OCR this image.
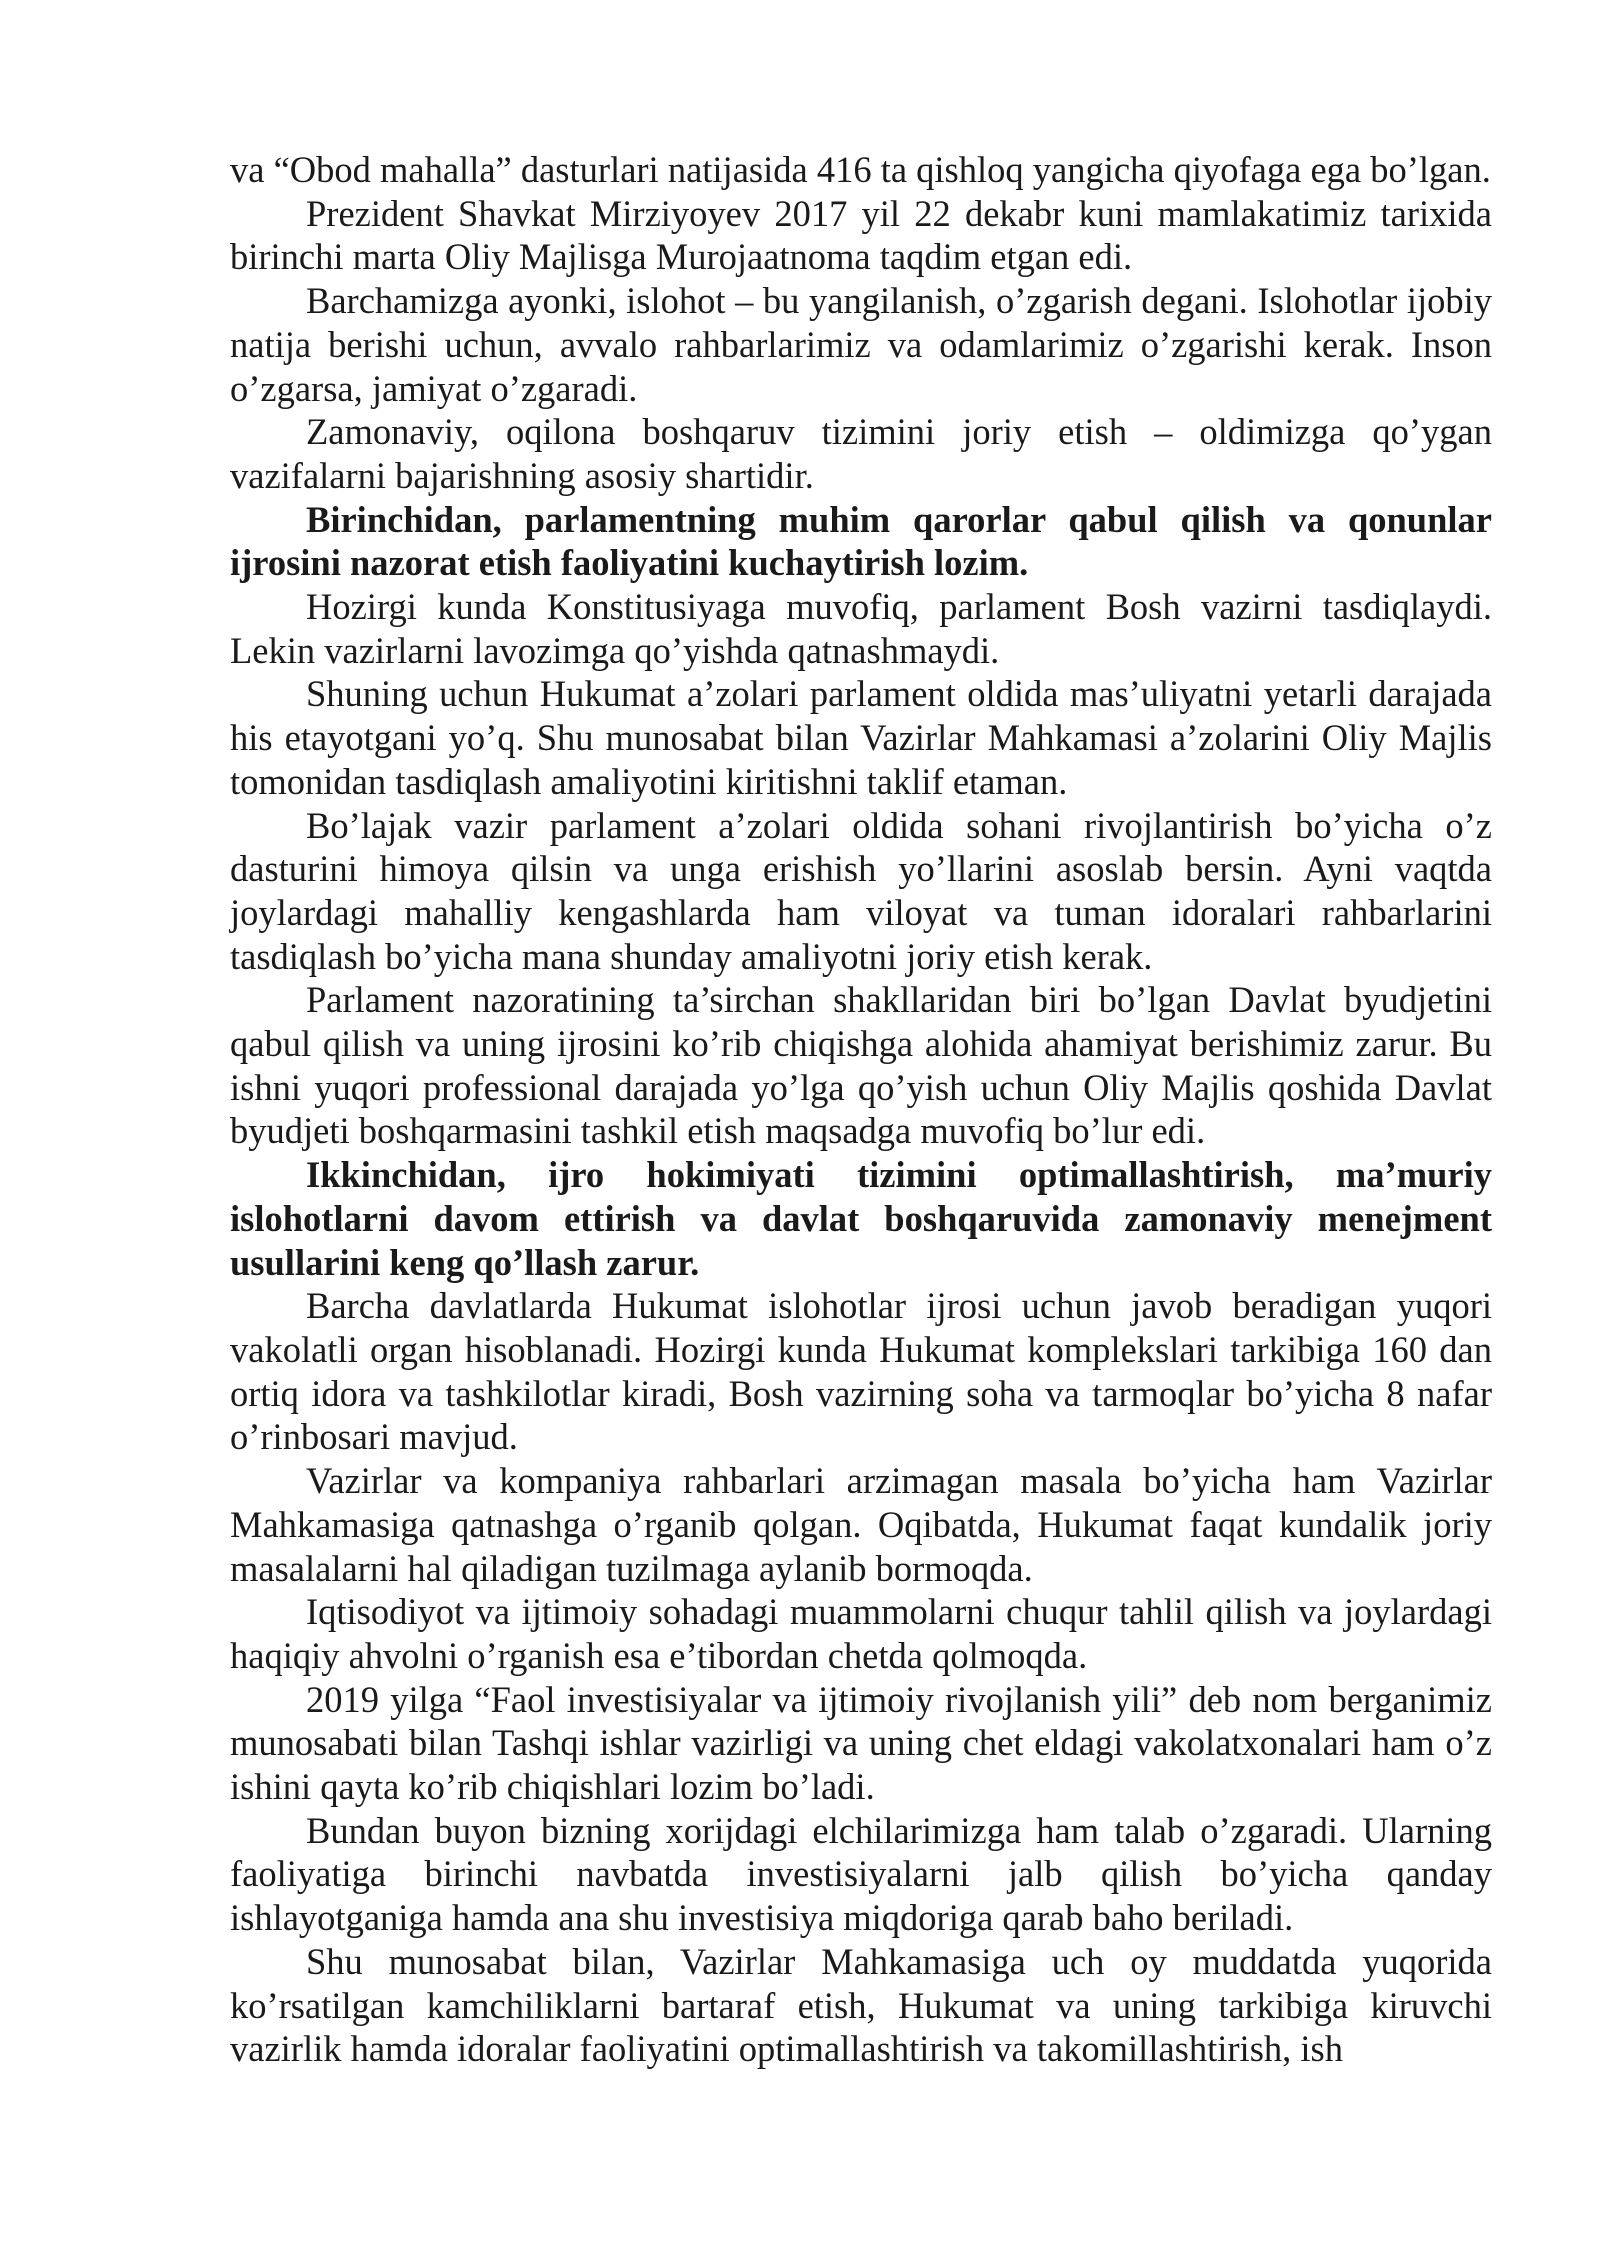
va “Obod mahalla” dasturlari natijasida 416 ta qishloq yangicha qiyofaga ega bo’lgan.

Prezident Shavkat Mirziyoyev 2017 yil 22 dekabr kuni mamlakatimiz tarixida birinchi marta Oliy Majlisga Murojaatnoma taqdim etgan edi.

Barchamizga ayonki, islohot – bu yangilanish, o’zgarish degani. Islohotlar ijobiy natija berishi uchun, avvalo rahbarlarimiz va odamlarimiz o’zgarishi kerak. Inson o’zgarsa, jamiyat o’zgaradi.

Zamonaviy, oqilona boshqaruv tizimini joriy etish – oldimizga qo’ygan vazifalarni bajarishning asosiy shartidir.

Birinchidan, parlamentning muhim qarorlar qabul qilish va qonunlar ijrosini nazorat etish faoliyatini kuchaytirish lozim.

Hozirgi kunda Konstitusiyaga muvofiq, parlament Bosh vazirni tasdiqlaydi. Lekin vazirlarni lavozimga qo’yishda qatnashmaydi.

Shuning uchun Hukumat a’zolari parlament oldida mas’uliyatni yetarli darajada his etayotgani yo’q. Shu munosabat bilan Vazirlar Mahkamasi a’zolarini Oliy Majlis tomonidan tasdiqlash amaliyotini kiritishni taklif etaman.

Bo’lajak vazir parlament a’zolari oldida sohani rivojlantirish bo’yicha o’z dasturini himoya qilsin va unga erishish yo’llarini asoslab bersin. Ayni vaqtda joylardagi mahalliy kengashlarda ham viloyat va tuman idoralari rahbarlarini tasdiqlash bo’yicha mana shunday amaliyotni joriy etish kerak.

Parlament nazoratining ta’sirchan shakllaridan biri bo’lgan Davlat byudjetini qabul qilish va uning ijrosini ko’rib chiqishga alohida ahamiyat berishimiz zarur. Bu ishni yuqori professional darajada yo’lga qo’yish uchun Oliy Majlis qoshida Davlat byudjeti boshqarmasini tashkil etish maqsadga muvofiq bo’lur edi.

Ikkinchidan, ijro hokimiyati tizimini optimallashtirish, ma’muriy islohotlarni davom ettirish va davlat boshqaruvida zamonaviy menejment usullarini keng qo’llash zarur.

Barcha davlatlarda Hukumat islohotlar ijrosi uchun javob beradigan yuqori vakolatli organ hisoblanadi. Hozirgi kunda Hukumat komplekslari tarkibiga 160 dan ortiq idora va tashkilotlar kiradi, Bosh vazirning soha va tarmoqlar bo’yicha 8 nafar o’rinbosari mavjud.

Vazirlar va kompaniya rahbarlari arzimagan masala bo’yicha ham Vazirlar Mahkamasiga qatnashga o’rganib qolgan. Oqibatda, Hukumat faqat kundalik joriy masalalarni hal qiladigan tuzilmaga aylanib bormoqda.

Iqtisodiyot va ijtimoiy sohadagi muammolarni chuqur tahlil qilish va joylardagi haqiqiy ahvolni o’rganish esa e’tibordan chetda qolmoqda.

2019 yilga “Faol investisiyalar va ijtimoiy rivojlanish yili” deb nom berganimiz munosabati bilan Tashqi ishlar vazirligi va uning chet eldagi vakolatxonalari ham o’z ishini qayta ko’rib chiqishlari lozim bo’ladi.

Bundan buyon bizning xorijdagi elchilarimizga ham talab o’zgaradi. Ularning faoliyatiga birinchi navbatda investisiyalarni jalb qilish bo’yicha qanday ishlayotganiga hamda ana shu investisiya miqdoriga qarab baho beriladi.

Shu munosabat bilan, Vazirlar Mahkamasiga uch oy muddatda yuqorida ko’rsatilgan kamchiliklarni bartaraf etish, Hukumat va uning tarkibiga kiruvchi vazirlik hamda idoralar faoliyatini optimallashtirish va takomillashtirish, ish
